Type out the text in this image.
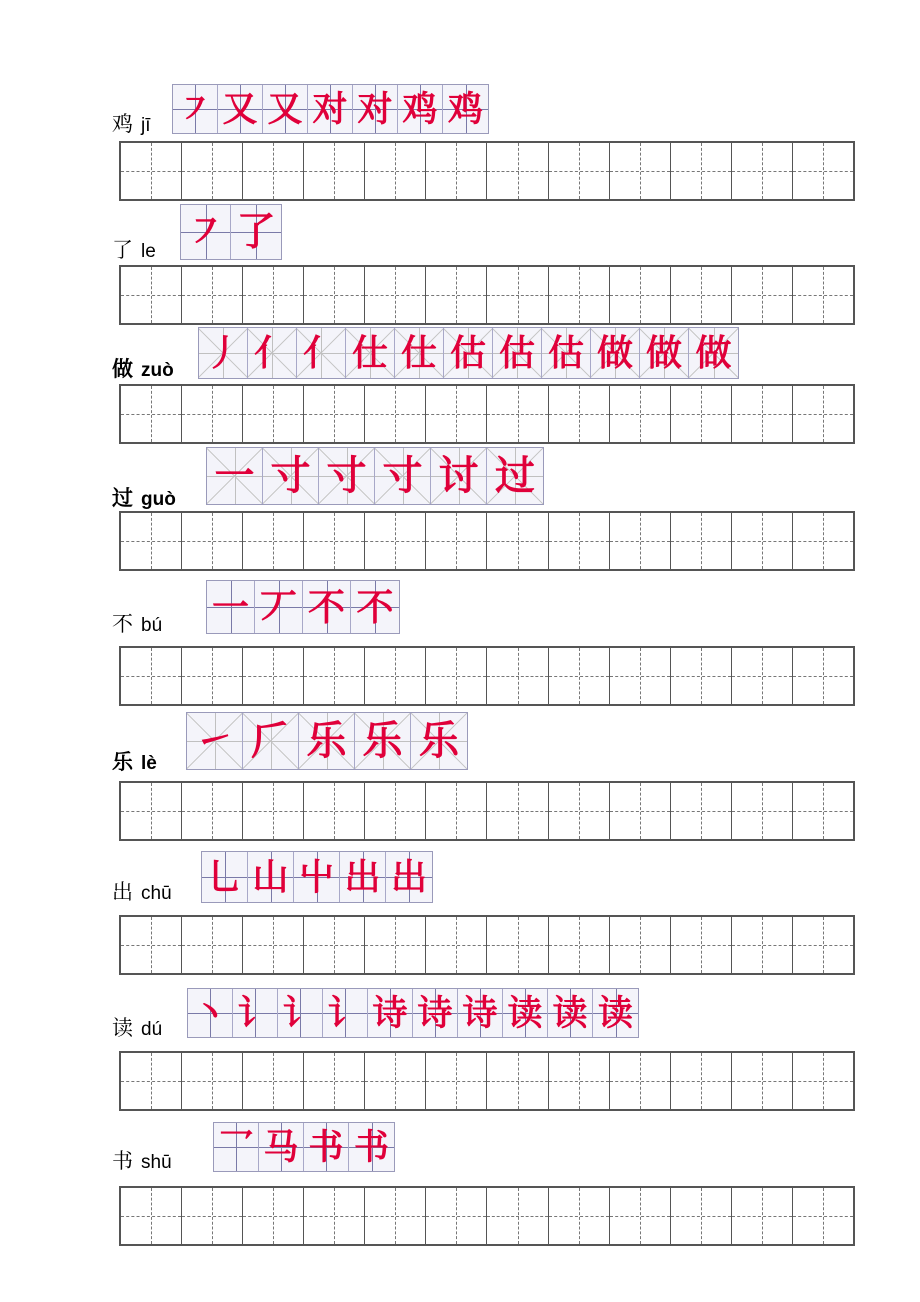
鸡 jī ㇇ 又 又 对 对 鸡 鸡
了 le ㇇ 了
做 zuò 丿 亻 亻 仕 仕 估 估 估 做 做 做
过 guò
一 寸 寸 寸 讨 过
不 bú 一 丆 不 不
乐 lè ㇀ 𠂆 乐 乐 乐
出 chū 乚 山 屮 出 出
读 dú 丶 讠 讠 讠 诗 诗 诗 读 读 读
书 shū 乛 马 书 书
